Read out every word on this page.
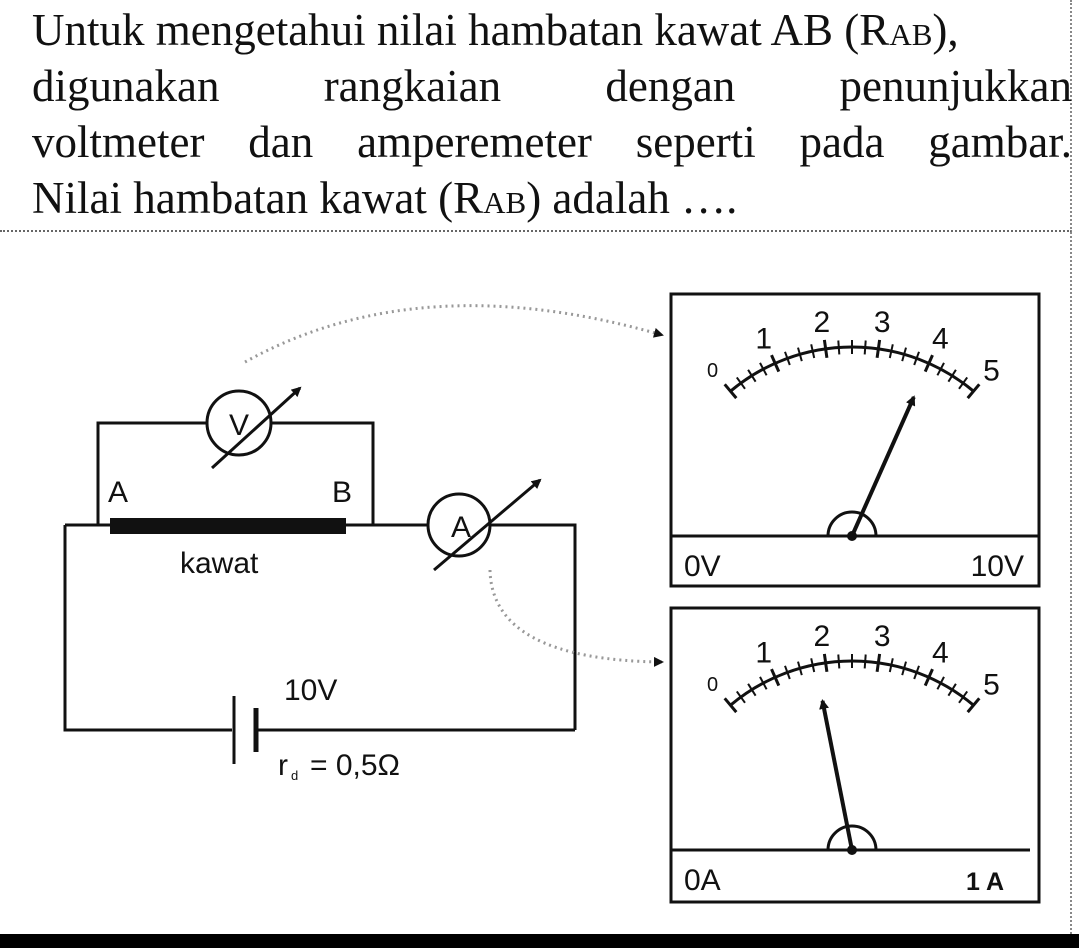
Untuk mengetahui nilai hambatan kawat AB (RAB),
digunakan rangkaian dengan penunjukkan
voltmeter dan amperemeter seperti pada gambar.
Nilai hambatan kawat (RAB) adalah ….
A	B
kawat
V
A
10V
r d = 0,5Ω
0V	10V
0
1
2 3
4
5
0A	1 A
0
1
2 3
4
5
